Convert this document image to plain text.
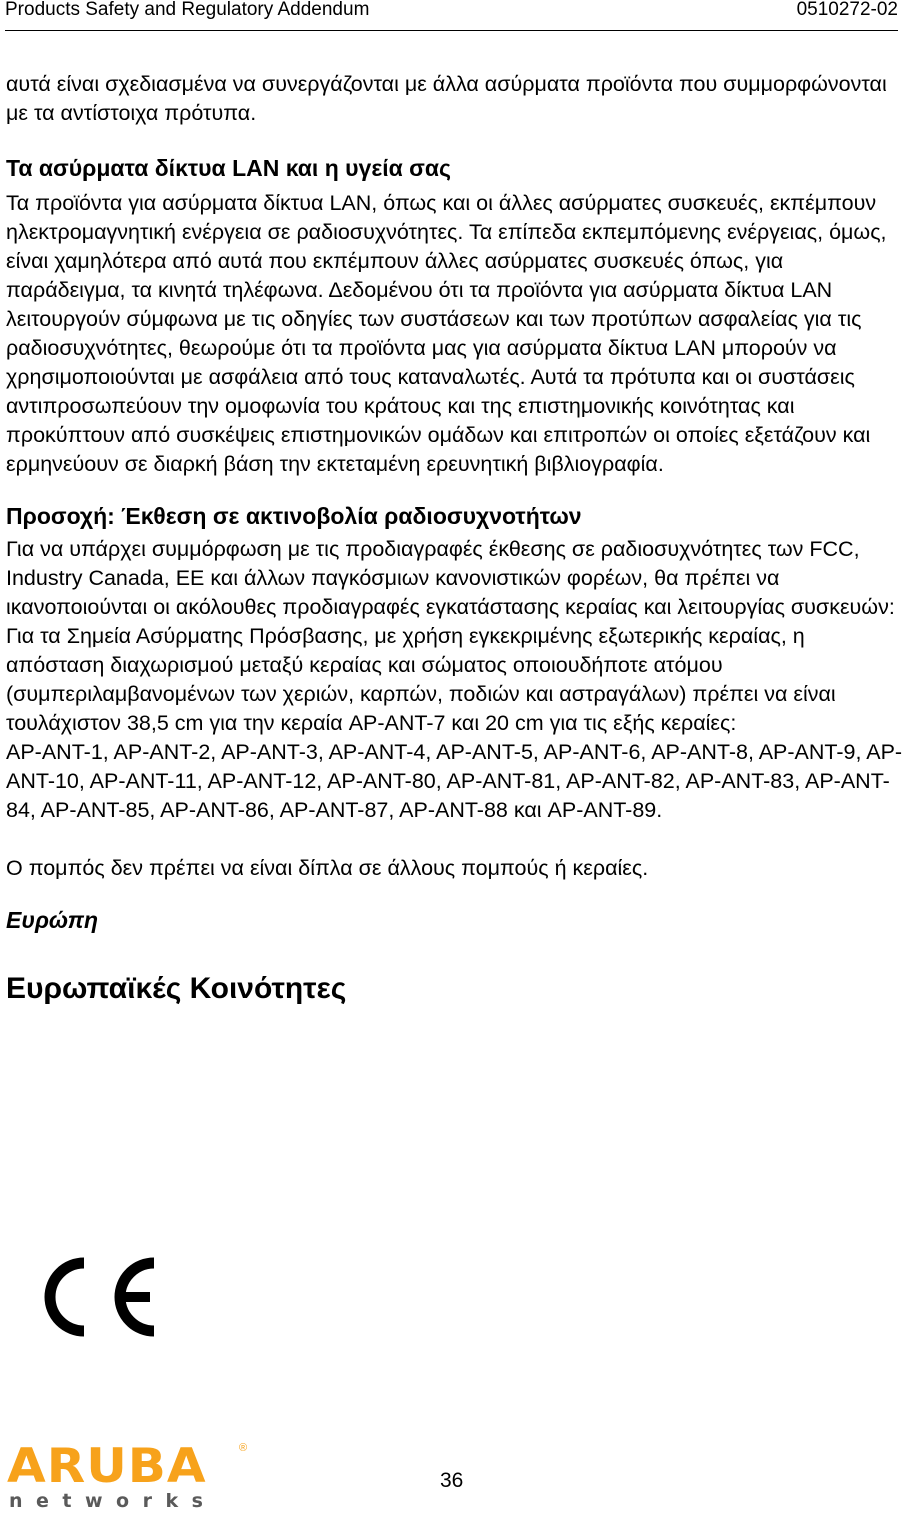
Products Safety and Regulatory Addendum	0510272-02

αυτά είναι σχεδιασμένα να συνεργάζονται με άλλα ασύρματα προϊόντα που συμμορφώνονται με τα αντίστοιχα πρότυπα.

Τα ασύρματα δίκτυα LAN και η υγεία σας

Τα προϊόντα για ασύρματα δίκτυα LAN, όπως και οι άλλες ασύρματες συσκευές, εκπέμπουν ηλεκτρομαγνητική ενέργεια σε ραδιοσυχνότητες. Τα επίπεδα εκπεμπόμενης ενέργειας, όμως, είναι χαμηλότερα από αυτά που εκπέμπουν άλλες ασύρματες συσκευές όπως, για παράδειγμα, τα κινητά τηλέφωνα. Δεδομένου ότι τα προϊόντα για ασύρματα δίκτυα LAN λειτουργούν σύμφωνα με τις οδηγίες των συστάσεων και των προτύπων ασφαλείας για τις ραδιοσυχνότητες, θεωρούμε ότι τα προϊόντα μας για ασύρματα δίκτυα LAN μπορούν να χρησιμοποιούνται με ασφάλεια από τους καταναλωτές. Αυτά τα πρότυπα και οι συστάσεις αντιπροσωπεύουν την ομοφωνία του κράτους και της επιστημονικής κοινότητας και προκύπτουν από συσκέψεις επιστημονικών ομάδων και επιτροπών οι οποίες εξετάζουν και ερμηνεύουν σε διαρκή βάση την εκτεταμένη ερευνητική βιβλιογραφία.

Προσοχή: Έκθεση σε ακτινοβολία ραδιοσυχνοτήτων

Για να υπάρχει συμμόρφωση με τις προδιαγραφές έκθεσης σε ραδιοσυχνότητες των FCC, Industry Canada, ΕΕ και άλλων παγκόσμιων κανονιστικών φορέων, θα πρέπει να ικανοποιούνται οι ακόλουθες προδιαγραφές εγκατάστασης κεραίας και λειτουργίας συσκευών:

Για τα Σημεία Ασύρματης Πρόσβασης, με χρήση εγκεκριμένης εξωτερικής κεραίας, η απόσταση διαχωρισμού μεταξύ κεραίας και σώματος οποιουδήποτε ατόμου (συμπεριλαμβανομένων των χεριών, καρπών, ποδιών και αστραγάλων) πρέπει να είναι τουλάχιστον 38,5 cm για την κεραία AP-ANT-7 και 20 cm για τις εξής κεραίες:

AP-ANT-1, AP-ANT-2, AP-ANT-3, AP-ANT-4, AP-ANT-5, AP-ANT-6, AP-ANT-8, AP-ANT-9, AP-ANT-10, AP-ANT-11, AP-ANT-12, AP-ANT-80, AP-ANT-81, AP-ANT-82, AP-ANT-83, AP-ANT-84, AP-ANT-85, AP-ANT-86, AP-ANT-87, AP-ANT-88 και AP-ANT-89.

Ο πομπός δεν πρέπει να είναι δίπλα σε άλλους πομπούς ή κεραίες.

Ευρώπη
Ευρωπαϊκές Κοινότητες
ARUBA	®
networks
36
